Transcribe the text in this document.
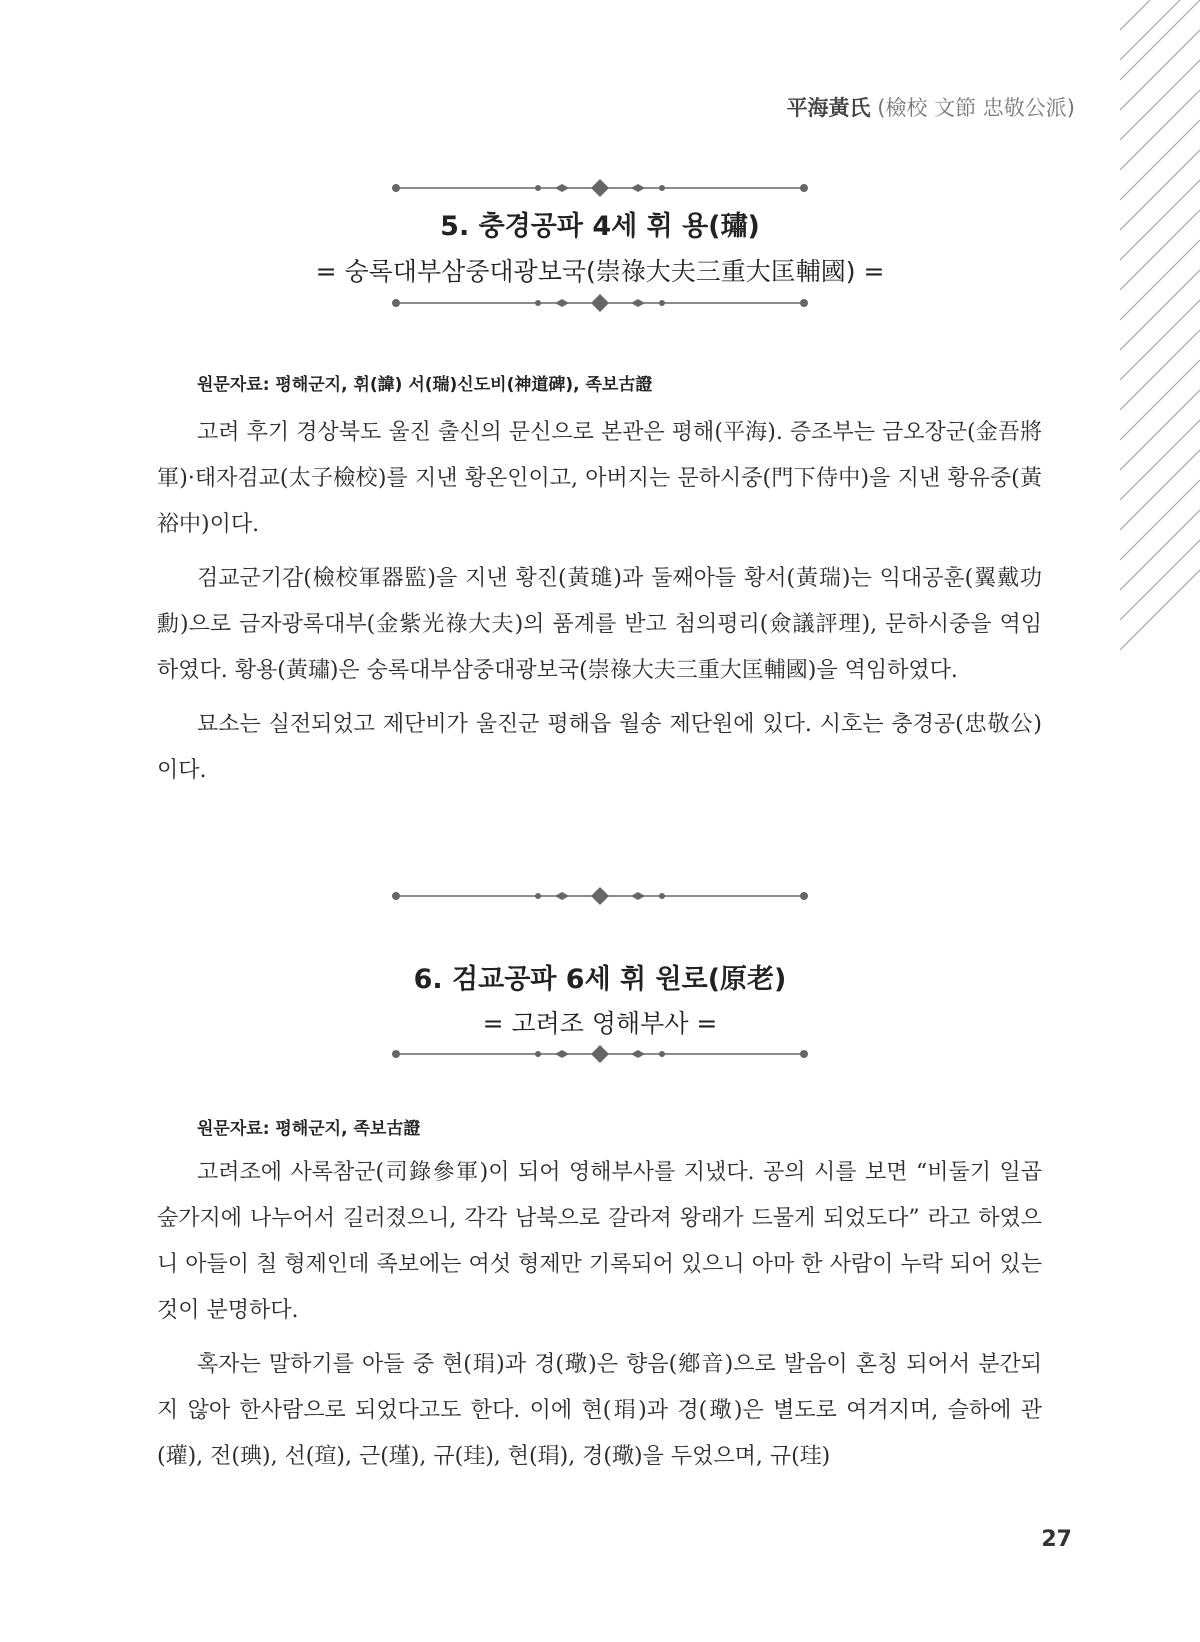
平海黃氏 (檢校 文節 忠敬公派)
5. 충경공파 4세 휘 용(璛)
= 숭록대부삼중대광보국(崇祿大夫三重大匡輔國) =
원문자료: 평해군지, 휘(諱) 서(瑞)신도비(神道碑), 족보古證

고려 후기 경상북도 울진 출신의 문신으로 본관은 평해(平海). 증조부는 금오장군(金吾將軍)·태자검교(太子檢校)를 지낸 황온인이고, 아버지는 문하시중(門下侍中)을 지낸 황유중(黃裕中)이다.

검교군기감(檢校軍器監)을 지낸 황진(黃璡)과 둘째아들 황서(黃瑞)는 익대공훈(翼戴功勳)으로 금자광록대부(金紫光祿大夫)의 품계를 받고 첨의평리(僉議評理), 문하시중을 역임하였다. 황용(黃璛)은 숭록대부삼중대광보국(崇祿大夫三重大匡輔國)을 역임하였다.

묘소는 실전되었고 제단비가 울진군 평해읍 월송 제단원에 있다. 시호는 충경공(忠敬公)이다.

6. 검교공파 6세 휘 원로(原老)
= 고려조 영해부사 =
원문자료: 평해군지, 족보古證

고려조에 사록참군(司錄參軍)이 되어 영해부사를 지냈다. 공의 시를 보면 “비둘기 일곱 숲가지에 나누어서 길러졌으니, 각각 남북으로 갈라져 왕래가 드물게 되었도다” 라고 하였으니 아들이 칠 형제인데 족보에는 여섯 형제만 기록되어 있으니 아마 한 사람이 누락 되어 있는 것이 분명하다.

혹자는 말하기를 아들 중 현(琄)과 경(璥)은 향음(鄕音)으로 발음이 혼칭 되어서 분간되지 않아 한사람으로 되었다고도 한다. 이에 현(琄)과 경(璥)은 별도로 여겨지며, 슬하에 관(瓘), 전(琠), 선(瑄), 근(瑾), 규(珪), 현(琄), 경(璥)을 두었으며, 규(珪)

27
